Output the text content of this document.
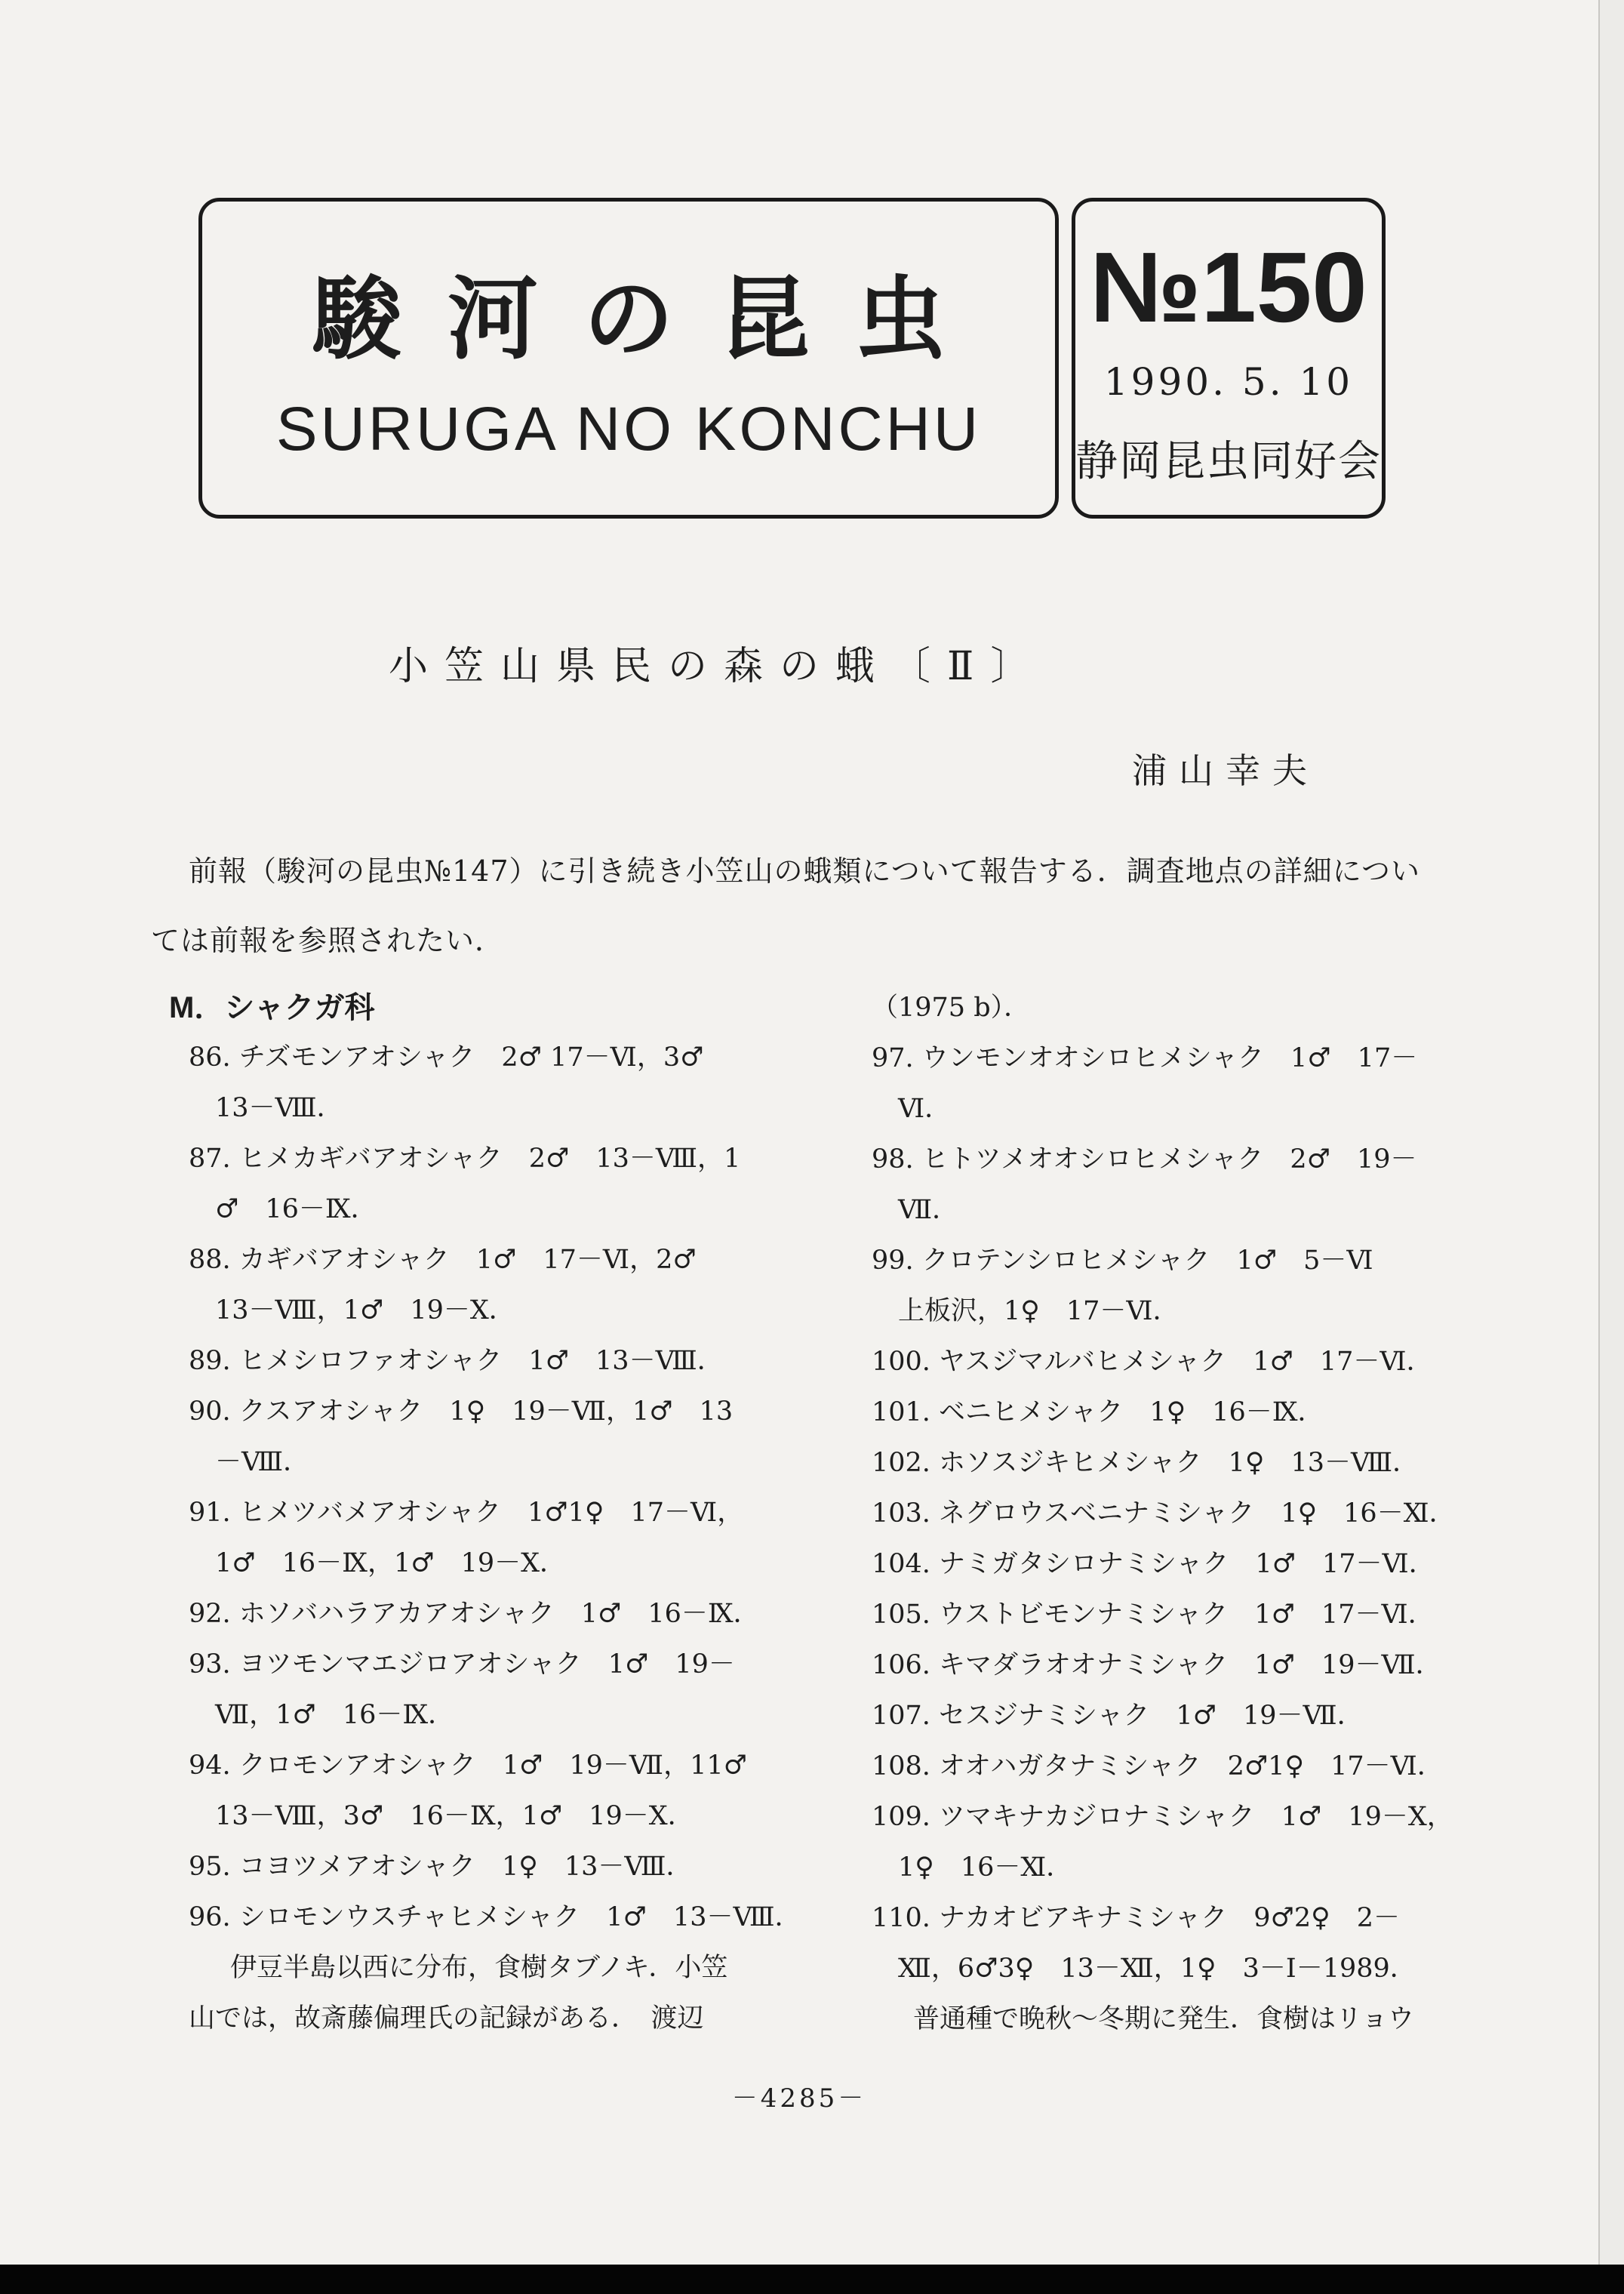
駿河の昆虫
SURUGA NO KONCHU
№150
1990. 5. 10
静岡昆虫同好会
小笠山県民の森の蛾〔Ⅱ〕
浦山幸夫
前報（駿河の昆虫№147）に引き続き小笠山の蛾類について報告する．調査地点の詳細については前報を参照されたい．
M．シャクガ科
86. チズモンアオシャク　2♂ 17－Ⅵ，3♂
13－Ⅷ．
87. ヒメカギバアオシャク　2♂　13－Ⅷ，1
♂　16－Ⅸ．
88. カギバアオシャク　1♂　17－Ⅵ，2♂
13－Ⅷ，1♂　19－Ⅹ．
89. ヒメシロファオシャク　1♂　13－Ⅷ．
90. クスアオシャク　1♀　19－Ⅶ，1♂　13
－Ⅷ．
91. ヒメツバメアオシャク　1♂1♀　17－Ⅵ，
1♂　16－Ⅸ，1♂　19－Ⅹ．
92. ホソバハラアカアオシャク　1♂　16－Ⅸ．
93. ヨツモンマエジロアオシャク　1♂　19－
Ⅶ，1♂　16－Ⅸ．
94. クロモンアオシャク　1♂　19－Ⅶ，11♂
13－Ⅷ，3♂　16－Ⅸ，1♂　19－Ⅹ．
95. コヨツメアオシャク　1♀　13－Ⅷ．
96. シロモンウスチャヒメシャク　1♂　13－Ⅷ．
伊豆半島以西に分布，食樹タブノキ．小笠
山では，故斎藤偏理氏の記録がある．　渡辺
（1975 b）．
97. ウンモンオオシロヒメシャク　1♂　17－
Ⅵ．
98. ヒトツメオオシロヒメシャク　2♂　19－
Ⅶ．
99. クロテンシロヒメシャク　1♂　5－Ⅵ
上板沢，1♀　17－Ⅵ．
100. ヤスジマルバヒメシャク　1♂　17－Ⅵ．
101. ベニヒメシャク　1♀　16－Ⅸ．
102. ホソスジキヒメシャク　1♀　13－Ⅷ．
103. ネグロウスベニナミシャク　1♀　16－Ⅺ．
104. ナミガタシロナミシャク　1♂　17－Ⅵ．
105. ウストビモンナミシャク　1♂　17－Ⅵ．
106. キマダラオオナミシャク　1♂　19－Ⅶ．
107. セスジナミシャク　1♂　19－Ⅶ．
108. オオハガタナミシャク　2♂1♀　17－Ⅵ．
109. ツマキナカジロナミシャク　1♂　19－Ⅹ，
1♀　16－Ⅺ．
110. ナカオビアキナミシャク　9♂2♀　2－
Ⅻ，6♂3♀　13－Ⅻ，1♀　3－Ⅰ－1989．
普通種で晩秋～冬期に発生．食樹はリョウ
－4285－
